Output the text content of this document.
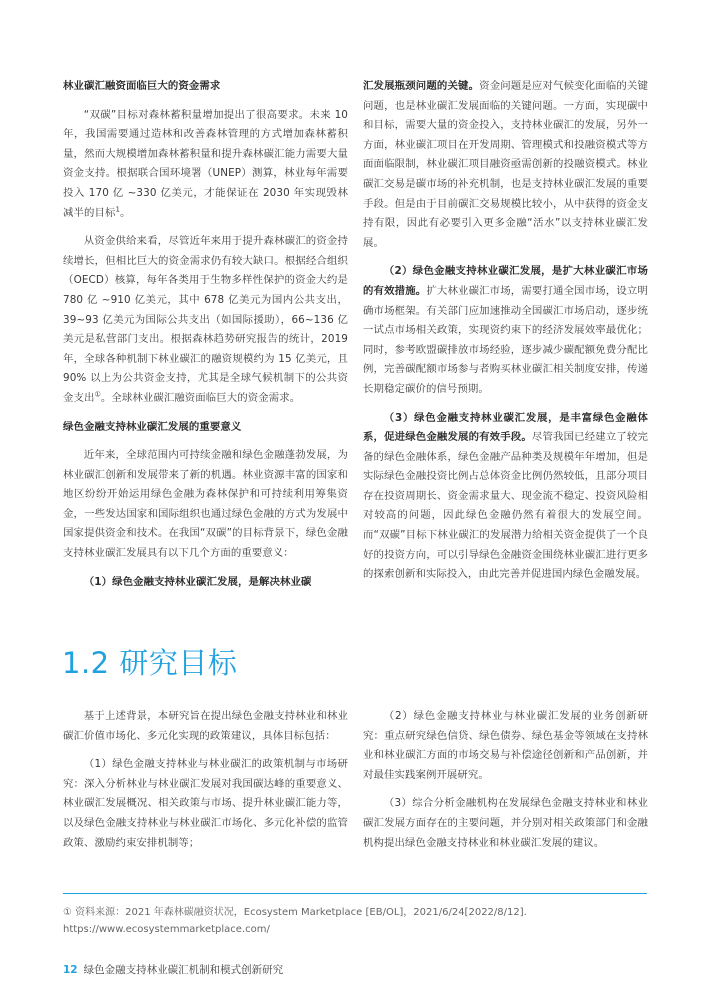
林业碳汇融资面临巨大的资金需求

“双碳”目标对森林蓄积量增加提出了很高要求。未来 10 年，我国需要通过造林和改善森林管理的方式增加森林蓄积量，然而大规模增加森林蓄积量和提升森林碳汇能力需要大量资金支持。根据联合国环境署（UNEP）测算，林业每年需要投入 170 亿 ~330 亿美元，才能保证在 2030 年实现毁林减半的目标$^1$。

从资金供给来看，尽管近年来用于提升森林碳汇的资金持续增长，但相比巨大的资金需求仍有较大缺口。根据经合组织（OECD）核算，每年各类用于生物多样性保护的资金大约是 780 亿 ~910 亿美元，其中 678 亿美元为国内公共支出，39~93 亿美元为国际公共支出（如国际援助），66~136 亿美元是私营部门支出。根据森林趋势研究报告的统计，2019 年，全球各种机制下林业碳汇的融资规模约为 15 亿美元，且 90% 以上为公共资金支持，尤其是全球气候机制下的公共资金支出①。全球林业碳汇融资面临巨大的资金需求。

绿色金融支持林业碳汇发展的重要意义

近年来，全球范围内可持续金融和绿色金融蓬勃发展，为林业碳汇创新和发展带来了新的机遇。林业资源丰富的国家和地区纷纷开始运用绿色金融为森林保护和可持续利用筹集资金，一些发达国家和国际组织也通过绿色金融的方式为发展中国家提供资金和技术。在我国“双碳”的目标背景下，绿色金融支持林业碳汇发展具有以下几个方面的重要意义：

（1）绿色金融支持林业碳汇发展，是解决林业碳

汇发展瓶颈问题的关键。资金问题是应对气候变化面临的关键问题，也是林业碳汇发展面临的关键问题。一方面，实现碳中和目标，需要大量的资金投入，支持林业碳汇的发展，另外一方面，林业碳汇项目在开发周期、管理模式和投融资模式等方面面临限制，林业碳汇项目融资亟需创新的投融资模式。林业碳汇交易是碳市场的补充机制，也是支持林业碳汇发展的重要手段。但是由于目前碳汇交易规模比较小，从中获得的资金支持有限，因此有必要引入更多金融“活水”以支持林业碳汇发展。

（2）绿色金融支持林业碳汇发展，是扩大林业碳汇市场的有效措施。扩大林业碳汇市场，需要打通全国市场，设立明确市场框架。有关部门应加速推动全国碳汇市场启动，逐步统一试点市场相关政策，实现资约束下的经济发展效率最优化；同时，参考欧盟碳排放市场经验，逐步减少碳配额免费分配比例，完善碳配额市场参与者购买林业碳汇相关制度安排，传递长期稳定碳价的信号预期。

（3）绿色金融支持林业碳汇发展，是丰富绿色金融体系，促进绿色金融发展的有效手段。尽管我国已经建立了较完备的绿色金融体系，绿色金融产品种类及规模年年增加，但是实际绿色金融投资比例占总体资金比例仍然较低，且部分项目存在投资周期长、资金需求量大、现金流不稳定、投资风险相对较高的问题，因此绿色金融仍然有着很大的发展空间。而“双碳”目标下林业碳汇的发展潜力给相关资金提供了一个良好的投资方向，可以引导绿色金融资金围绕林业碳汇进行更多的探索创新和实际投入，由此完善并促进国内绿色金融发展。

1.2 研究目标

基于上述背景，本研究旨在提出绿色金融支持林业和林业碳汇价值市场化、多元化实现的政策建议，具体目标包括：

（1）绿色金融支持林业与林业碳汇的政策机制与市场研究：深入分析林业与林业碳汇发展对我国碳达峰的重要意义、林业碳汇发展概况、相关政策与市场、提升林业碳汇能力等，以及绿色金融支持林业与林业碳汇市场化、多元化补偿的监管政策、激励约束安排机制等；

（2）绿色金融支持林业与林业碳汇发展的业务创新研究：重点研究绿色信贷、绿色债券、绿色基金等领域在支持林业和林业碳汇方面的市场交易与补偿途径创新和产品创新，并对最佳实践案例开展研究。

（3）综合分析金融机构在发展绿色金融支持林业和林业碳汇发展方面存在的主要问题，并分别对相关政策部门和金融机构提出绿色金融支持林业和林业碳汇发展的建议。

① 资料来源：2021 年森林碳融资状况，Ecosystem Marketplace [EB/OL]，2021/6/24[2022/8/12]. https://www.ecosystemmarketplace.com/

12 绿色金融支持林业碳汇机制和模式创新研究
